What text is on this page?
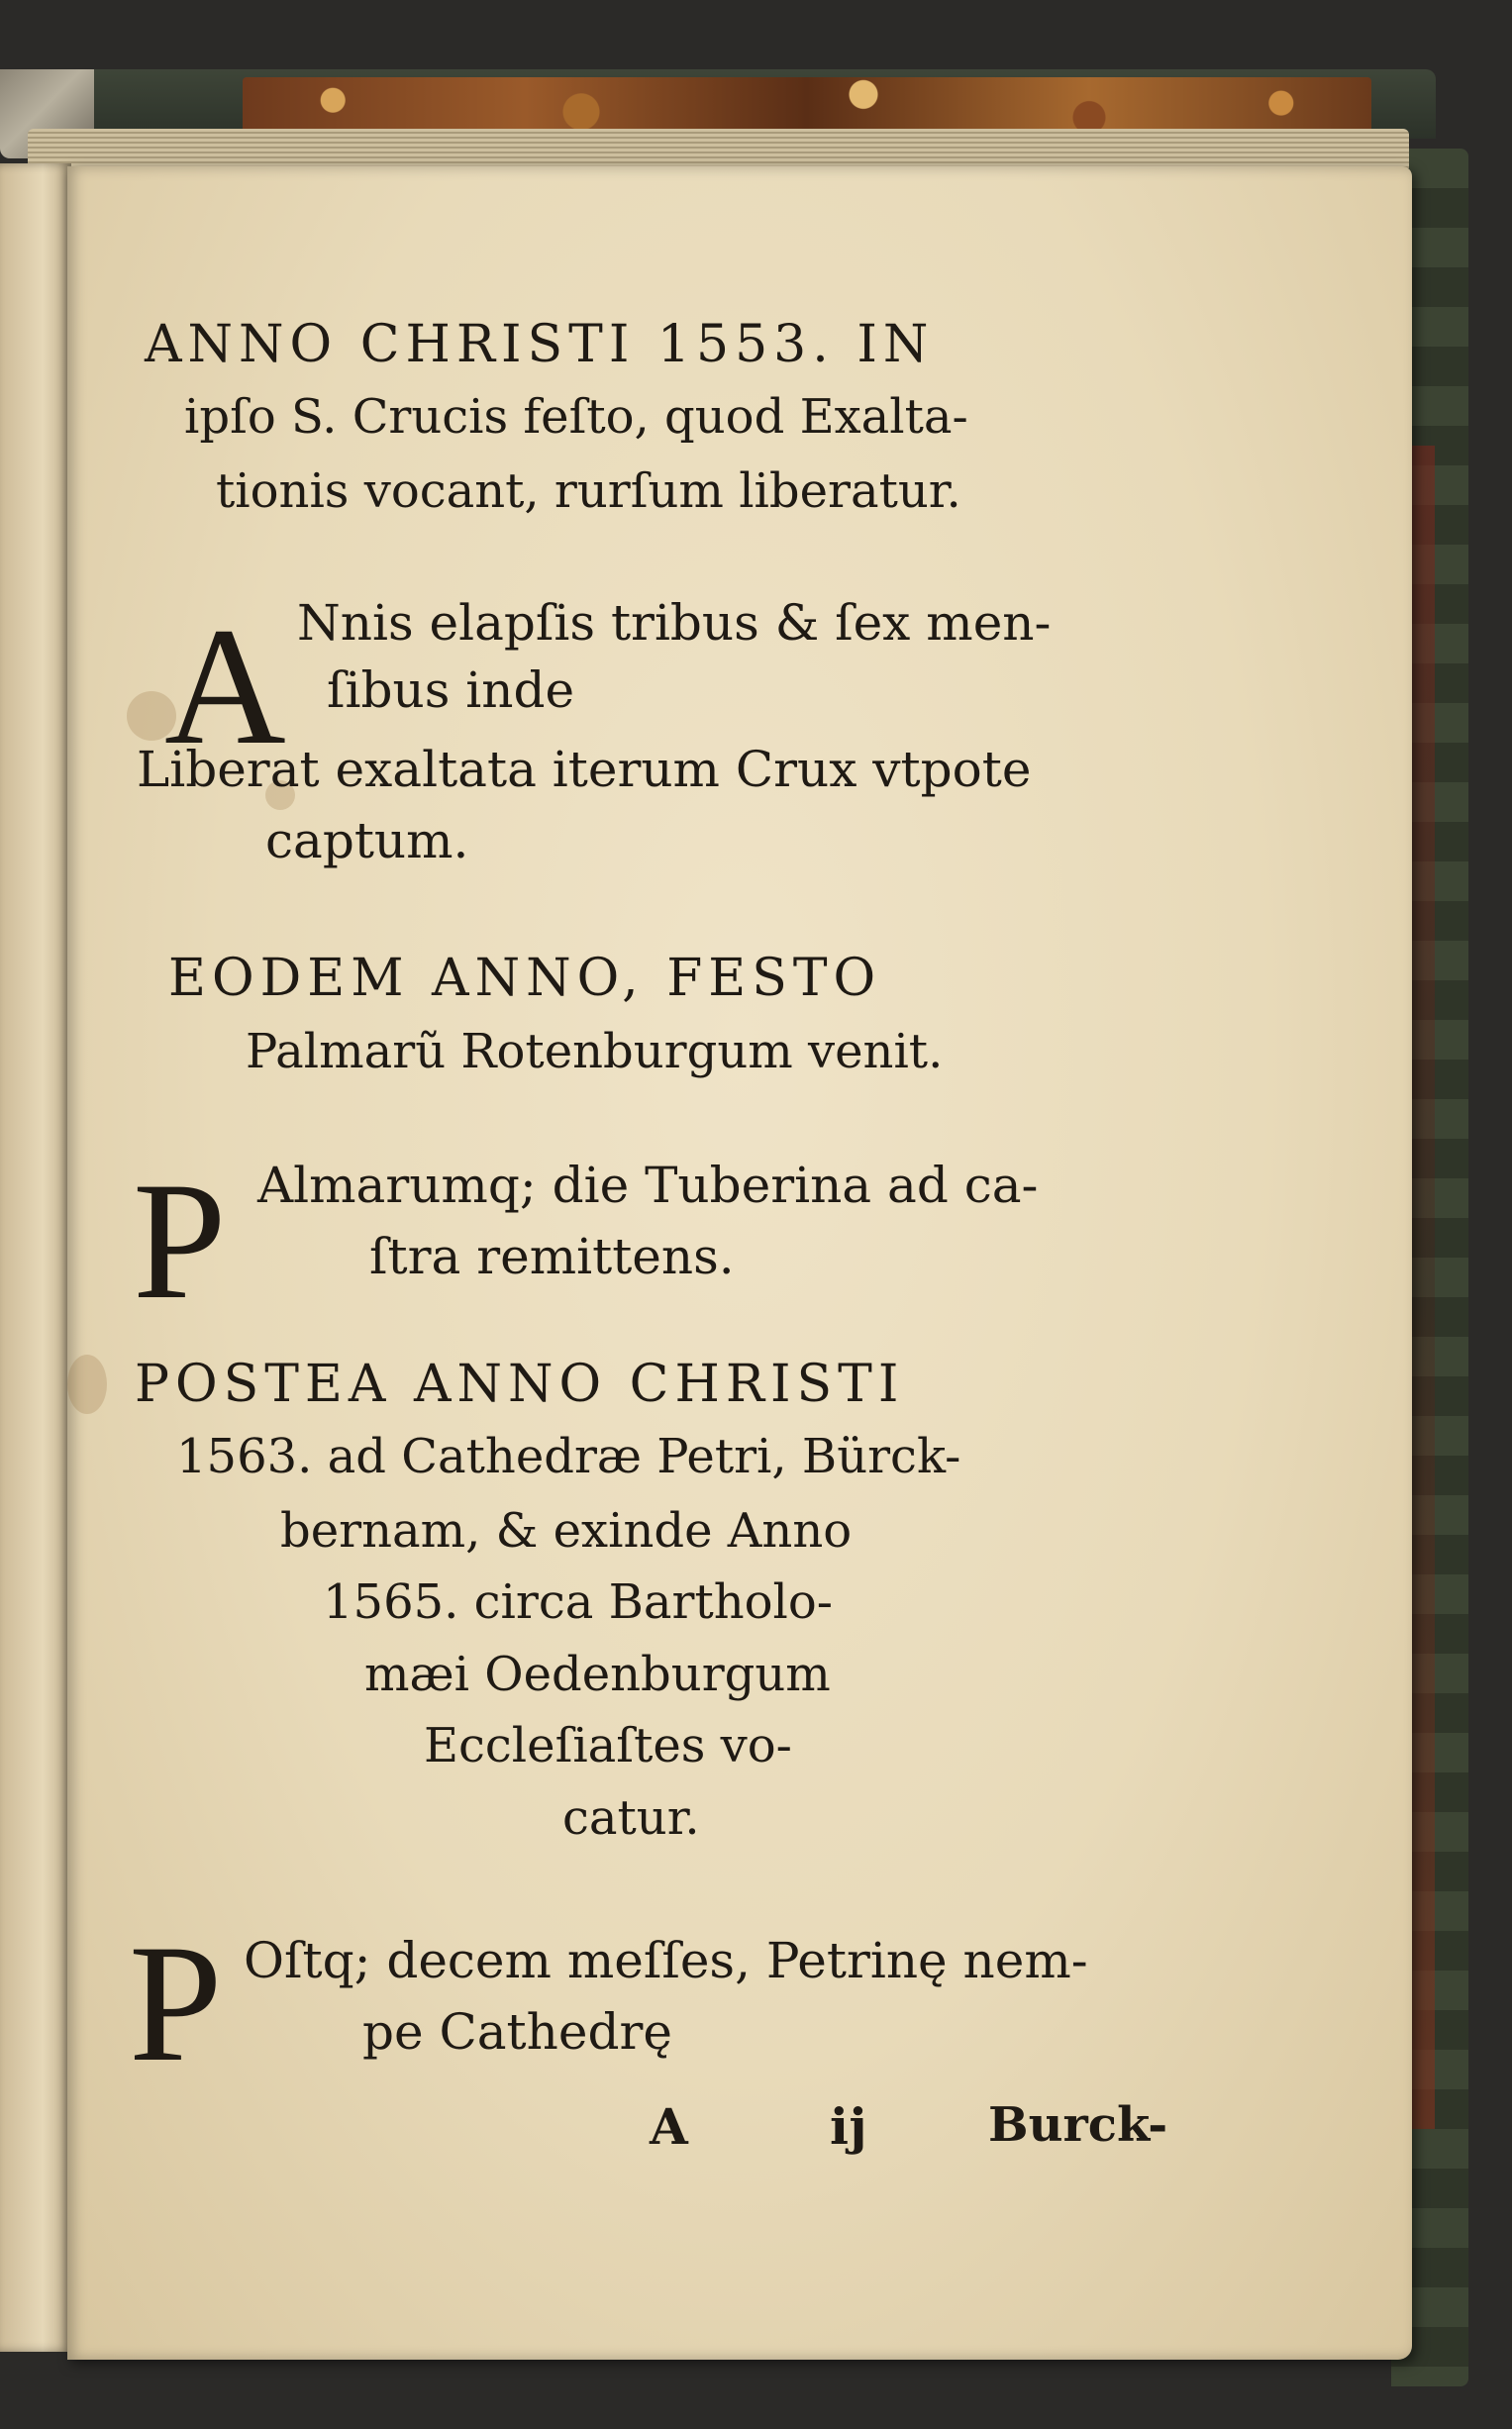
ANNO CHRISTI 1553. IN

ipſo S. Crucis feſto, quod Exalta-

tionis vocant, rurſum liberatur.

A Nnis elapſis tribus & ſex men-

ſibus inde

Liberat exaltata iterum Crux vtpote

captum.

EODEM ANNO, FESTO

Palmarũ Rotenburgum venit.

P Almarumq; die Tuberina ad ca-

ſtra remittens.

POSTEA ANNO CHRISTI

1563. ad Cathedræ Petri, Bürck-

bernam, & exinde Anno

1565. circa Bartholo-

mæi Oedenburgum

Eccleſiaſtes vo-

catur.

P Oſtq; decem meſſes, Petrinę nem-

pe Cathedrę

A	ĳ	Burck-
